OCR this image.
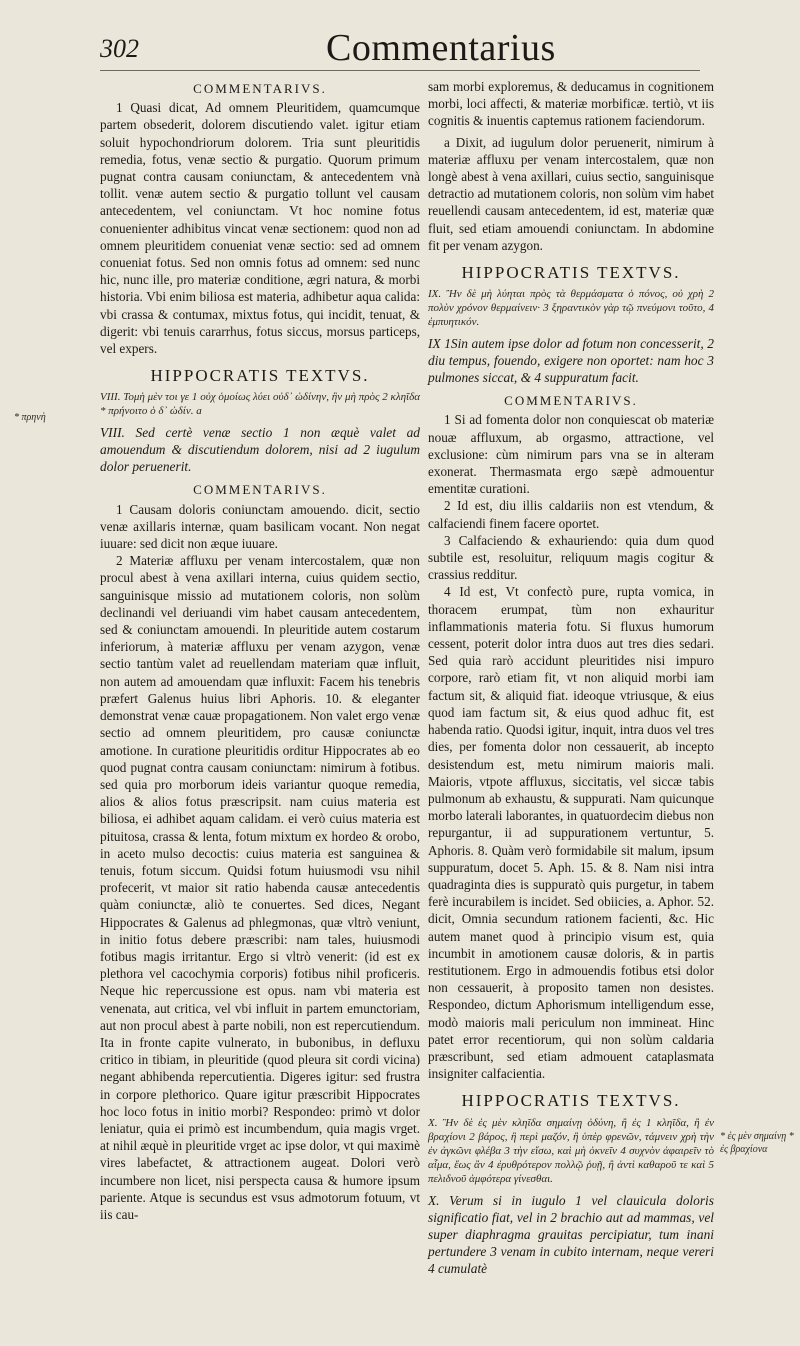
302	Commentarius
* πρηνὴ
* ἐς μὲν σημαίνῃ * ἐς βραχίονα
COMMENTARIVS.

1 Quasi dicat, Ad omnem Pleuritidem, quamcumque partem obsederit, dolorem discutiendo valet. igitur etiam soluit hypochondriorum dolorem. Tria sunt pleuritidis remedia, fotus, venæ sectio & purgatio. Quorum primum pugnat contra causam coniunctam, & antecedentem vnà tollit. venæ autem sectio & purgatio tollunt vel causam antecedentem, vel coniunctam. Vt hoc nomine fotus conuenienter adhibitus vincat venæ sectionem: quod non ad omnem pleuritidem conueniat venæ sectio: sed ad omnem conueniat fotus. Sed non omnis fotus ad omnem: sed nunc hic, nunc ille, pro materiæ conditione, ægri natura, & morbi historia. Vbi enim biliosa est materia, adhibetur aqua calida: vbi crassa & contumax, mixtus fotus, qui incidit, tenuat, & digerit: vbi tenuis cararrhus, fotus siccus, morsus particeps, vel expers.

HIPPOCRATIS TEXTVS.
VIII. Τομὴ μὲν τοι γε 1 οὐχ ὁμοίως λύει οὐδ᾽ ὠδίνην, ἢν μὴ πρὸς 2 κληῖδα * πρήνοιτο ὁ δ᾽ ὠδίν. a
VIII. Sed certè venæ sectio 1 non æquè valet ad amouendum & discutiendum dolorem, nisi ad 2 iugulum dolor peruenerit.
COMMENTARIVS.

1 Causam doloris coniunctam amouendo. dicit, sectio venæ axillaris internæ, quam basilicam vocant. Non negat iuuare: sed dicit non æque iuuare.

2 Materiæ affluxu per venam intercostalem, quæ non procul abest à vena axillari interna, cuius quidem sectio, sanguinisque missio ad mutationem coloris, non solùm declinandi vel deriuandi vim habet causam antecedentem, sed & coniunctam amouendi. In pleuritide autem costarum inferiorum, à materiæ affluxu per venam azygon, venæ sectio tantùm valet ad reuellendam materiam quæ influit, non autem ad amouendam quæ influxit: Facem his tenebris præfert Galenus huius libri Aphoris. 10. & eleganter demonstrat venæ cauæ propagationem. Non valet ergo venæ sectio ad omnem pleuritidem, pro causæ coniunctæ amotione. In curatione pleuritidis orditur Hippocrates ab eo quod pugnat contra causam coniunctam: nimirum à fotibus. sed quia pro morborum ideis variantur quoque remedia, alios & alios fotus præscripsit. nam cuius materia est biliosa, ei adhibet aquam calidam. ei verò cuius materia est pituitosa, crassa & lenta, fotum mixtum ex hordeo & orobo, in aceto mulso decoctis: cuius materia est sanguinea & tenuis, fotum siccum. Quidsi fotum huiusmodi vsu nihil profecerit, vt maior sit ratio habenda causæ antecedentis quàm coniunctæ, aliò te conuertes. Sed dices, Negant Hippocrates & Galenus ad phlegmonas, quæ vltrò veniunt, in initio fotus debere præscribi: nam tales, huiusmodi fotibus magis irritantur. Ergo si vltrò venerit: (id est ex plethora vel cacochymia corporis) fotibus nihil proficeris. Neque hic repercussione est opus. nam vbi materia est venenata, aut critica, vel vbi influit in partem emunctoriam, aut non procul abest à parte nobili, non est repercutiendum. Ita in fronte capite vulnerato, in bubonibus, in defluxu critico in tibiam, in pleuritide (quod pleura sit cordi vicina) negant abhibenda repercutientia. Digeres igitur: sed frustra in corpore plethorico. Quare igitur præscribit Hippocrates hoc loco fotus in initio morbi? Respondeo: primò vt dolor leniatur, quia ei primò est incumbendum, quia magis vrget. at nihil æquè in pleuritide vrget ac ipse dolor, vt qui maximè vires labefactet, & attractionem augeat. Dolori verò incumbere non licet, nisi perspecta causa & humore ipsum pariente. Atque is secundus est vsus admotorum fotuum, vt iis cau-

sam morbi exploremus, & deducamus in cognitionem morbi, loci affecti, & materiæ morbificæ. tertiò, vt iis cognitis & inuentis captemus rationem faciendorum.

a Dixit, ad iugulum dolor peruenerit, nimirum à materiæ affluxu per venam intercostalem, quæ non longè abest à vena axillari, cuius sectio, sanguinisque detractio ad mutationem coloris, non solùm vim habet reuellendi causam antecedentem, id est, materiæ quæ fluit, sed etiam amouendi coniunctam. In abdomine fit per venam azygon.

HIPPOCRATIS TEXTVS.
IX. Ἢν δὲ μὴ λύηται πρὸς τὰ θερμάσματα ὁ πόνος, οὐ χρὴ 2 πολὺν χρόνον θερμαίνειν· 3 ξηραντικὸν γὰρ τῷ πνεύμονι τοῦτο, 4 ἐμπυητικόν.
IX 1Sin autem ipse dolor ad fotum non concesserit, 2 diu tempus, fouendo, exigere non oportet: nam hoc 3 pulmones siccat, & 4 suppuratum facit.
COMMENTARIVS.

1 Si ad fomenta dolor non conquiescat ob materiæ nouæ affluxum, ab orgasmo, attractione, vel exclusione: cùm nimirum pars vna se in alteram exonerat. Thermasmata ergo sæpè admouentur ementitæ curationi.

2 Id est, diu illis caldariis non est vtendum, & calfaciendi finem facere oportet.

3 Calfaciendo & exhauriendo: quia dum quod subtile est, resoluitur, reliquum magis cogitur & crassius redditur.

4 Id est, Vt confectò pure, rupta vomica, in thoracem erumpat, tùm non exhauritur inflammationis materia fotu. Si fluxus humorum cessent, poterit dolor intra duos aut tres dies sedari. Sed quia rarò accidunt pleuritides nisi impuro corpore, rarò etiam fit, vt non aliquid morbi iam factum sit, & aliquid fiat. ideoque vtriusque, & eius quod iam factum sit, & eius quod adhuc fit, est habenda ratio. Quodsi igitur, inquit, intra duos vel tres dies, per fomenta dolor non cessauerit, ab incepto desistendum est, metu nimirum maioris mali. Maioris, vtpote affluxus, siccitatis, vel siccæ tabis pulmonum ab exhaustu, & suppurati. Nam quicunque morbo laterali laborantes, in quatuordecim diebus non repurgantur, ii ad suppurationem vertuntur, 5. Aphoris. 8. Quàm verò formidabile sit malum, ipsum suppuratum, docet 5. Aph. 15. & 8. Nam nisi intra quadraginta dies is suppuratò quis purgetur, in tabem ferè incurabilem is incidet. Sed obiicies, a. Aphor. 52. dicit, Omnia secundum rationem facienti, &c. Hic autem manet quod à principio visum est, quia incumbit in amotionem causæ doloris, & in partis restitutionem. Ergo in admouendis fotibus etsi dolor non cessauerit, à proposito tamen non desistes. Respondeo, dictum Aphorismum intelligendum esse, modò maioris mali periculum non immineat. Hinc patet error recentiorum, qui non solùm caldaria præscribunt, sed etiam admouent cataplasmata insigniter calfacientia.

HIPPOCRATIS TEXTVS.
X. Ἢν δὲ ἐς μὲν κληῖδα σημαίνῃ ὀδύνη, ἢ ἐς 1 κληῖδα, ἢ ἐν βραχίονι 2 βάρος, ἢ περὶ μαζόν, ἢ ὑπὲρ φρενῶν, τάμνειν χρὴ τὴν ἐν ἀγκῶνι φλέβα 3 τὴν εἴσω, καὶ μὴ ὀκνεῖν 4 συχνὸν ἀφαιρεῖν τὸ αἷμα, ἕως ἂν 4 ἐρυθρότερον πολλῷ ῥυῇ, ἢ ἀντὶ καθαροῦ τε καὶ 5 πελιδνοῦ ἀμφότερα γίνεσθαι.
X. Verum si in iugulo 1 vel clauicula doloris significatio fiat, vel in 2 brachio aut ad mammas, vel super diaphragma grauitas percipiatur, tum inani pertundere 3 venam in cubito internam, neque vereri 4 cumulatè
